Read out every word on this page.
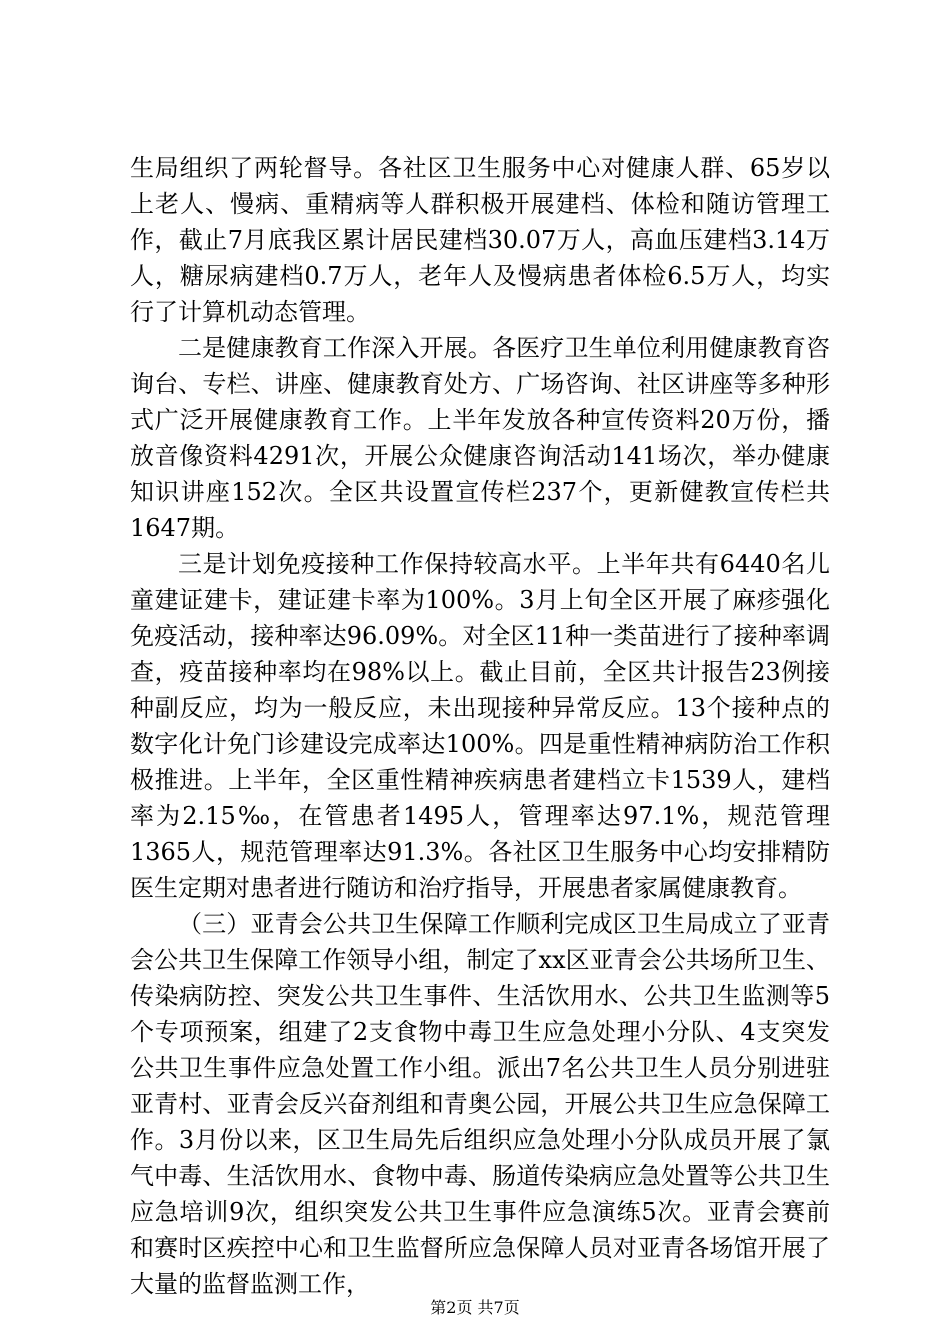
生局组织了两轮督导。各社区卫生服务中心对健康人群、65岁以上老人、慢病、重精病等人群积极开展建档、体检和随访管理工作，截止7月底我区累计居民建档30.07万人，高血压建档3.14万人，糖尿病建档0.7万人，老年人及慢病患者体检6.5万人，均实行了计算机动态管理。

二是健康教育工作深入开展。各医疗卫生单位利用健康教育咨询台、专栏、讲座、健康教育处方、广场咨询、社区讲座等多种形式广泛开展健康教育工作。上半年发放各种宣传资料20万份，播放音像资料4291次，开展公众健康咨询活动141场次，举办健康知识讲座152次。全区共设置宣传栏237个，更新健教宣传栏共1647期。

三是计划免疫接种工作保持较高水平。上半年共有6440名儿童建证建卡，建证建卡率为100%。3月上旬全区开展了麻疹强化免疫活动，接种率达96.09%。对全区11种一类苗进行了接种率调查，疫苗接种率均在98%以上。截止目前，全区共计报告23例接种副反应，均为一般反应，未出现接种异常反应。13个接种点的数字化计免门诊建设完成率达100%。四是重性精神病防治工作积极推进。上半年，全区重性精神疾病患者建档立卡1539人，建档率为2.15‰，在管患者1495人，管理率达97.1%，规范管理1365人，规范管理率达91.3%。各社区卫生服务中心均安排精防医生定期对患者进行随访和治疗指导，开展患者家属健康教育。

（三）亚青会公共卫生保障工作顺利完成区卫生局成立了亚青会公共卫生保障工作领导小组，制定了xx区亚青会公共场所卫生、传染病防控、突发公共卫生事件、生活饮用水、公共卫生监测等5个专项预案，组建了2支食物中毒卫生应急处理小分队、4支突发公共卫生事件应急处置工作小组。派出7名公共卫生人员分别进驻亚青村、亚青会反兴奋剂组和青奥公园，开展公共卫生应急保障工作。3月份以来，区卫生局先后组织应急处理小分队成员开展了氯气中毒、生活饮用水、食物中毒、肠道传染病应急处置等公共卫生应急培训9次，组织突发公共卫生事件应急演练5次。亚青会赛前和赛时区疾控中心和卫生监督所应急保障人员对亚青各场馆开展了大量的监督监测工作，

第2页 共7页
